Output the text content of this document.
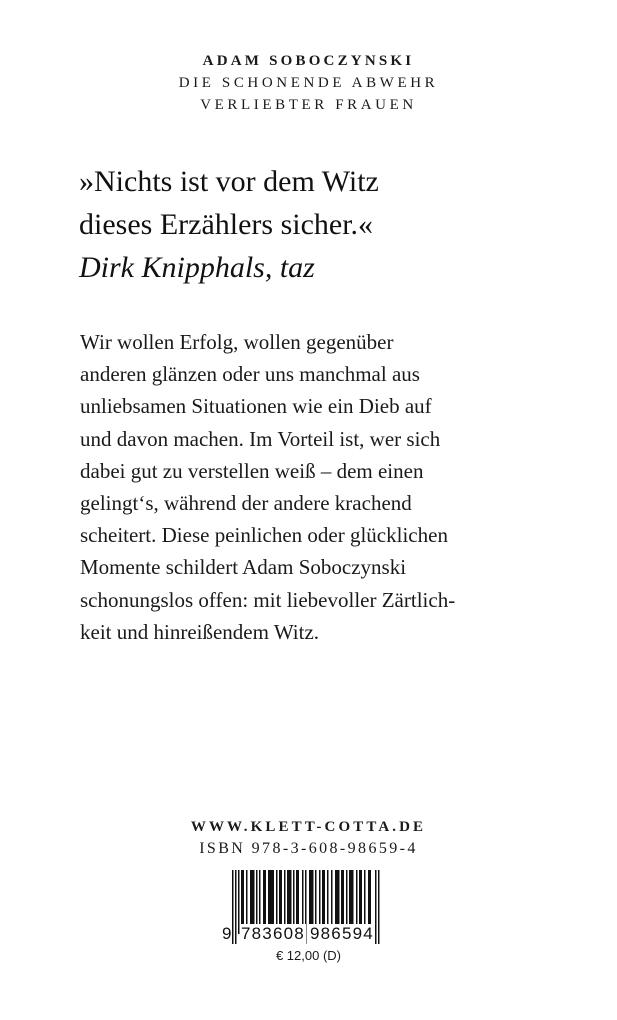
ADAM SOBOCZYNSKI
DIE SCHONENDE ABWEHR
VERLIEBTER FRAUEN
»Nichts ist vor dem Witz
dieses Erzählers sicher.«
Dirk Knipphals, taz
Wir wollen Erfolg, wollen gegenüber
anderen glänzen oder uns manchmal aus
unliebsamen Situationen wie ein Dieb auf
und davon machen. Im Vorteil ist, wer sich
dabei gut zu verstellen weiß – dem einen
gelingt‘s, während der andere krachend
scheitert. Diese peinlichen oder glücklichen
Momente schildert Adam Soboczynski
schonungslos offen: mit liebevoller Zärtlich-
keit und hinreißendem Witz.
WWW.KLETT-COTTA.DE
ISBN 978-3-608-98659-4
9 783608 986594
€ 12,00 (D)
